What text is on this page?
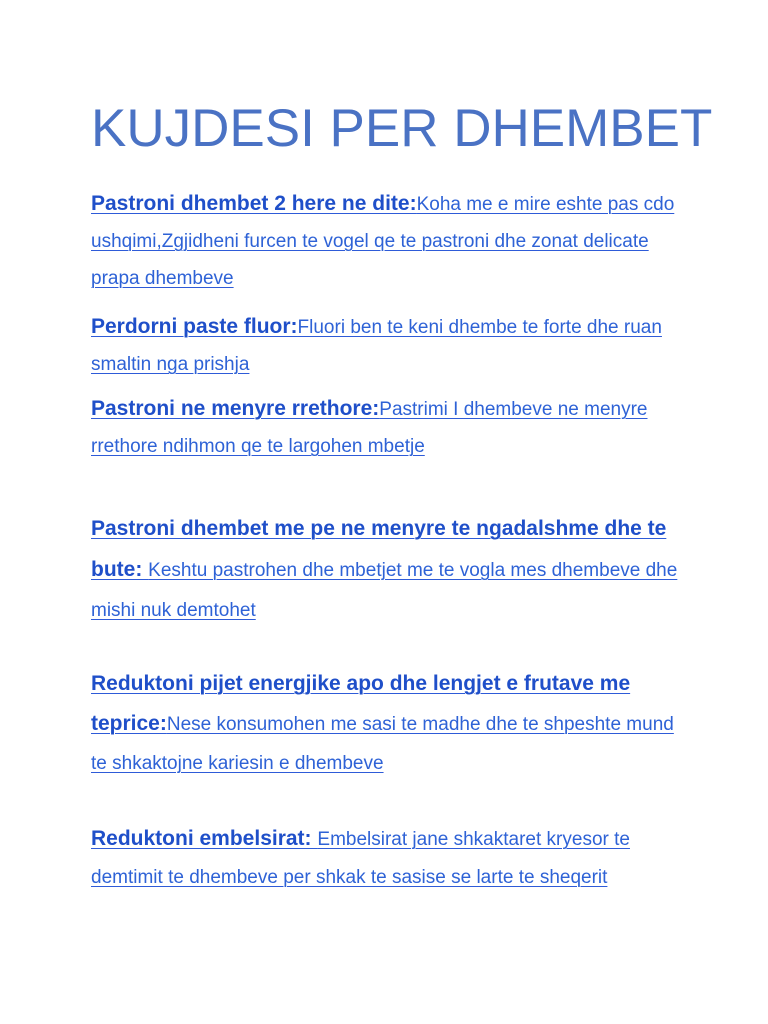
KUJDESI PER DHEMBET

Pastroni dhembet 2 here ne dite:Koha me e mire eshte pas cdo ushqimi,Zgjidheni furcen te vogel qe te pastroni dhe zonat delicate prapa dhembeve

Perdorni paste fluor:Fluori ben te keni dhembe te forte dhe ruan smaltin nga prishja

Pastroni ne menyre rrethore:Pastrimi I dhembeve ne menyre rrethore ndihmon qe te largohen mbetje

Pastroni dhembet me pe ne menyre te ngadalshme dhe te bute: Keshtu pastrohen dhe mbetjet me te vogla mes dhembeve dhe mishi nuk demtohet

Reduktoni pijet energjike apo dhe lengjet e frutave me teprice:Nese konsumohen me sasi te madhe dhe te shpeshte mund te shkaktojne kariesin e dhembeve

Reduktoni embelsirat: Embelsirat jane shkaktaret kryesor te demtimit te dhembeve per shkak te sasise se larte te sheqerit
